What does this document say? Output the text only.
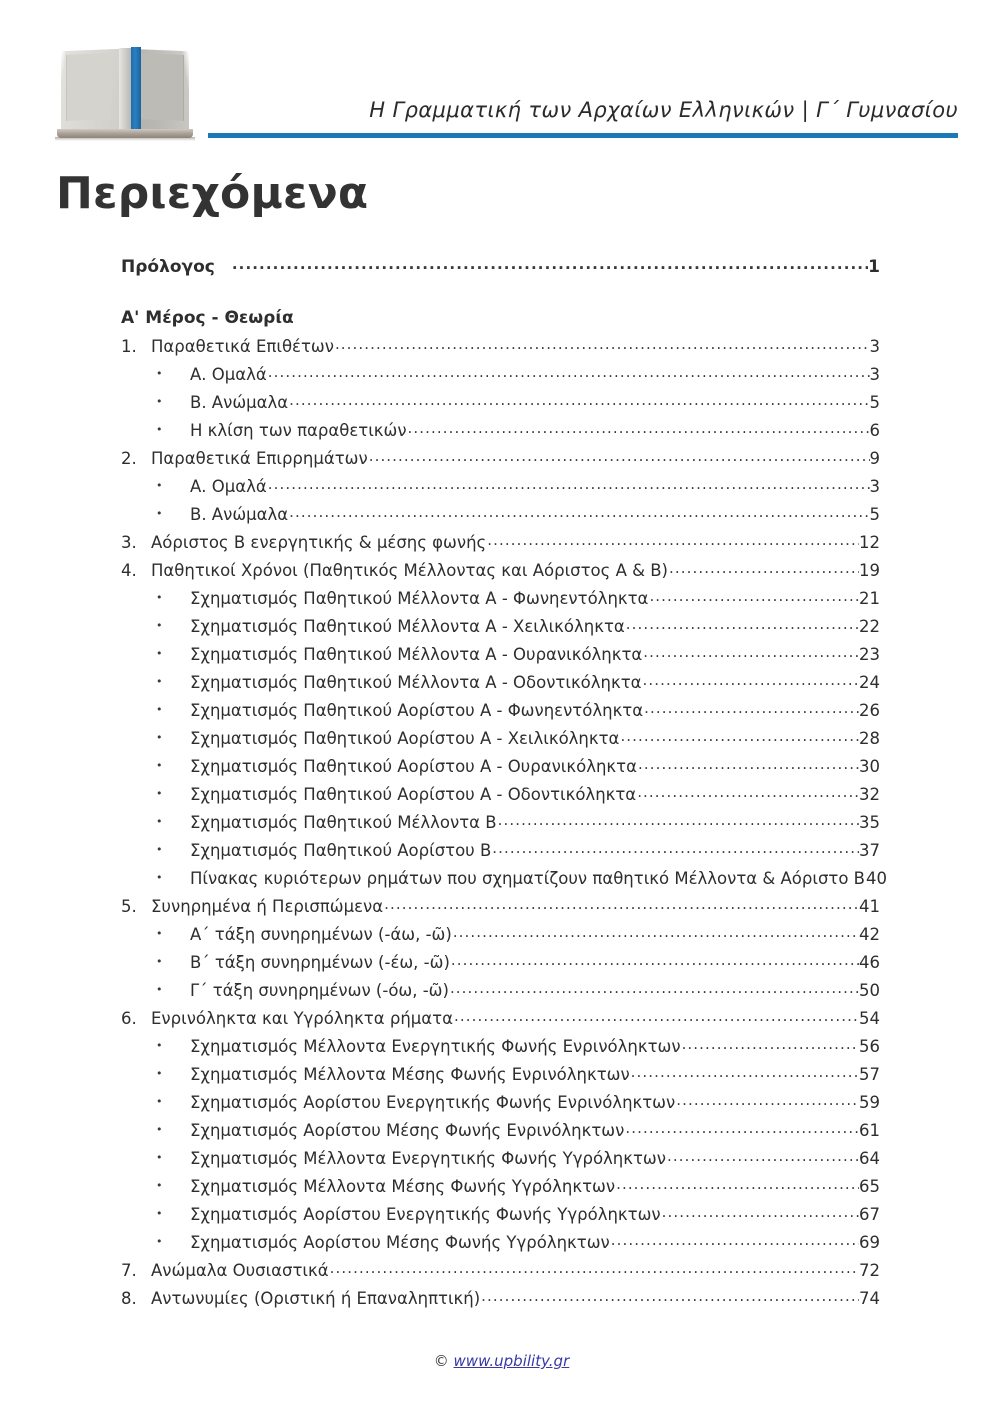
Η Γραμματική των Αρχαίων Ελληνικών | Γ΄ Γυμνασίου
Περιεχόμενα
Πρόλογος .....	1
Α' Μέρος - Θεωρία
1. Παραθετικά Επιθέτων .....	3
•	Α. Ομαλά .....	3
•	Β. Ανώμαλα .....	5
•	Η κλίση των παραθετικών .....	6
2. Παραθετικά Επιρρημάτων .....	9
•	Α. Ομαλά .....	3
•	Β. Ανώμαλα .....	5
3. Αόριστος Β ενεργητικής & μέσης φωνής .....	12
4. Παθητικοί Χρόνοι (Παθητικός Μέλλοντας και Αόριστος Α & Β) .....	19
•	Σχηματισμός Παθητικού Μέλλοντα Α - Φωνηεντόληκτα .....	21
•	Σχηματισμός Παθητικού Μέλλοντα Α - Χειλικόληκτα .....	22
•	Σχηματισμός Παθητικού Μέλλοντα Α - Ουρανικόληκτα .....	23
•	Σχηματισμός Παθητικού Μέλλοντα Α - Οδοντικόληκτα .....	24
•	Σχηματισμός Παθητικού Αορίστου Α - Φωνηεντόληκτα .....	26
•	Σχηματισμός Παθητικού Αορίστου Α - Χειλικόληκτα .....	28
•	Σχηματισμός Παθητικού Αορίστου Α - Ουρανικόληκτα .....	30
•	Σχηματισμός Παθητικού Αορίστου Α - Οδοντικόληκτα .....	32
•	Σχηματισμός Παθητικού Μέλλοντα Β .....	35
•	Σχηματισμός Παθητικού Αορίστου Β .....	37
•	Πίνακας κυριότερων ρημάτων που σχηματίζουν παθητικό Μέλλοντα & Αόριστο Β 40
5. Συνηρημένα ή Περισπώμενα .....	41
•	Α΄ τάξη συνηρημένων (-άω, -ῶ) .....	42
•	Β΄ τάξη συνηρημένων (-έω, -ῶ) .....	46
•	Γ΄ τάξη συνηρημένων (-όω, -ῶ) .....	50
6. Ενρινόληκτα και Υγρόληκτα ρήματα .....	54
•	Σχηματισμός Μέλλοντα Ενεργητικής Φωνής Ενρινόληκτων .....	56
•	Σχηματισμός Μέλλοντα Μέσης Φωνής Ενρινόληκτων .....	57
•	Σχηματισμός Αορίστου Ενεργητικής Φωνής Ενρινόληκτων .....	59
•	Σχηματισμός Αορίστου Μέσης Φωνής Ενρινόληκτων .....	61
•	Σχηματισμός Μέλλοντα Ενεργητικής Φωνής Υγρόληκτων .....	64
•	Σχηματισμός Μέλλοντα Μέσης Φωνής Υγρόληκτων .....	65
•	Σχηματισμός Αορίστου Ενεργητικής Φωνής Υγρόληκτων .....	67
•	Σχηματισμός Αορίστου Μέσης Φωνής Υγρόληκτων .....	69
7. Ανώμαλα Ουσιαστικά .....	72
8. Αντωνυμίες (Οριστική ή Επαναληπτική) .....	74
© www.upbility.gr
